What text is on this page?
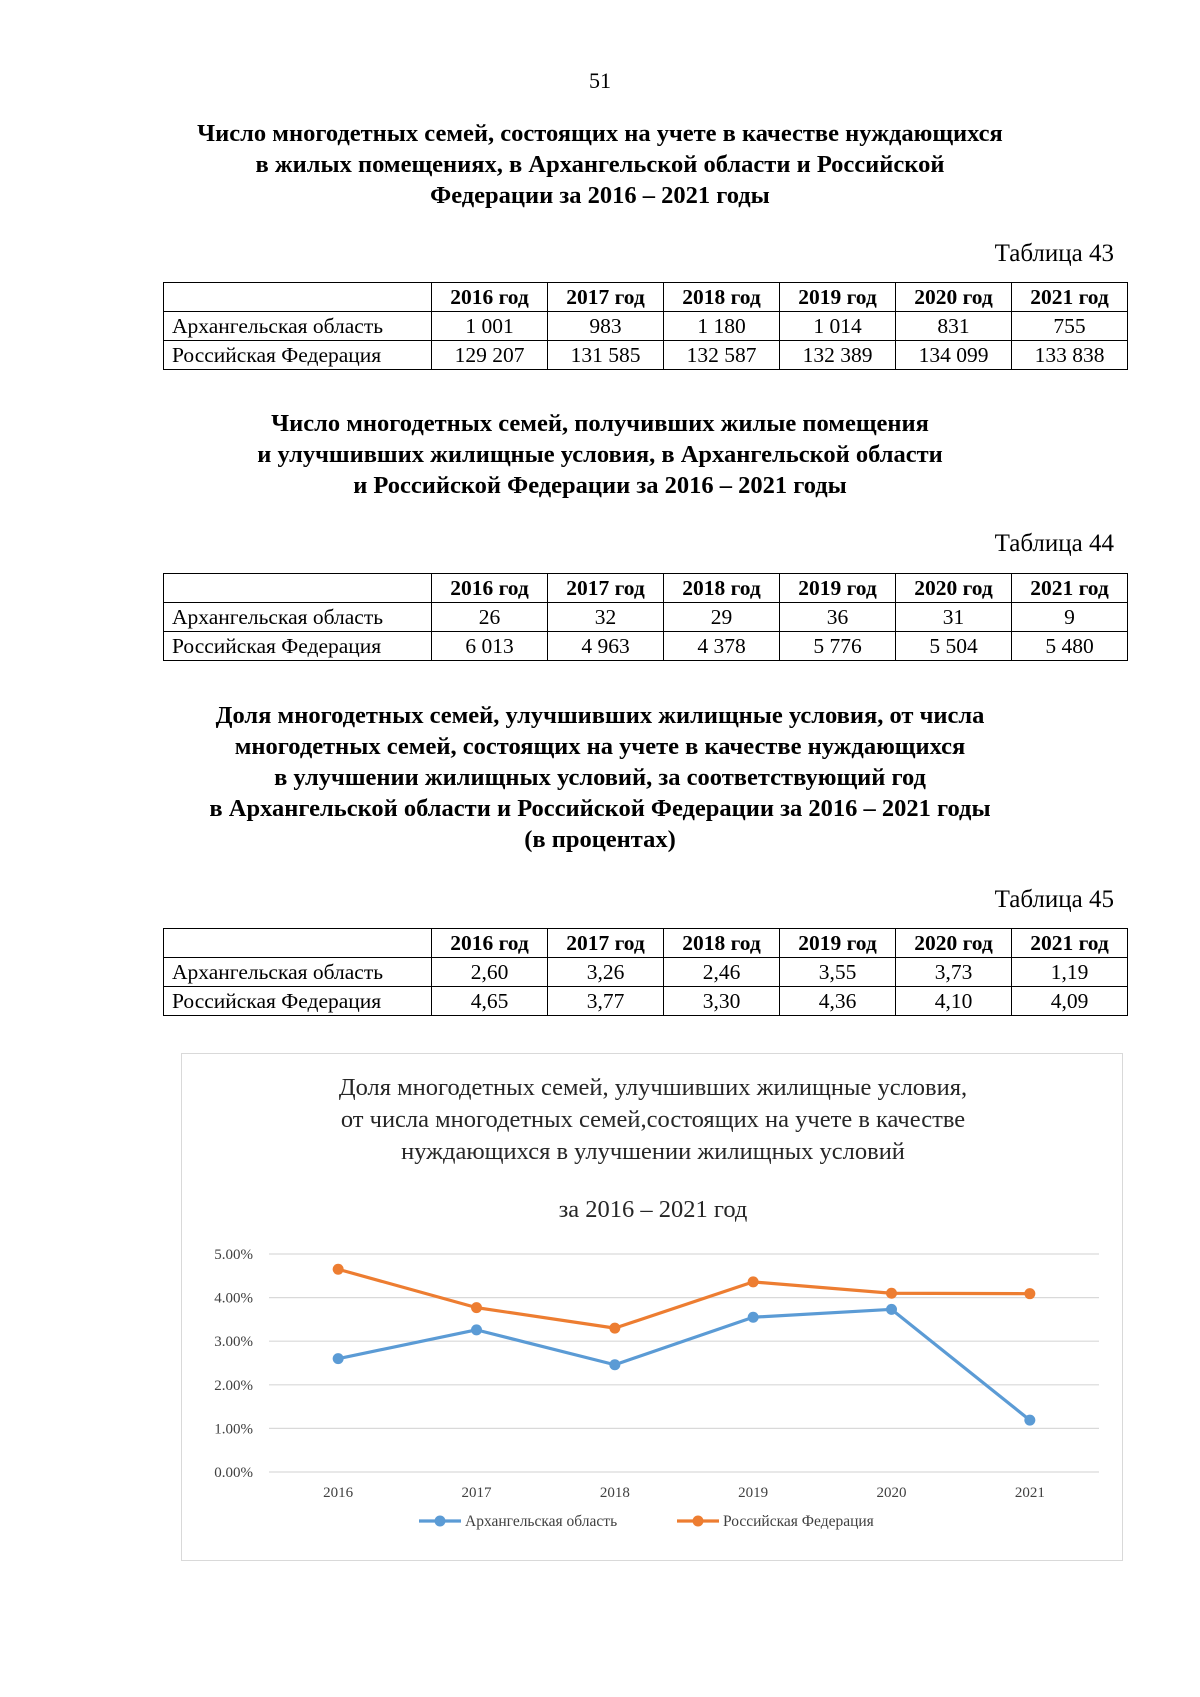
51
Число многодетных семей, состоящих на учете в качестве нуждающихся
в жилых помещениях, в Архангельской области и Российской
Федерации за 2016 – 2021 годы
Таблица 43
	2016 год	2017 год	2018 год	2019 год	2020 год	2021 год
Архангельская область	1 001	983	1 180	1 014	831	755
Российская Федерация	129 207	131 585	132 587	132 389	134 099	133 838
Число многодетных семей, получивших жилые помещения
и улучшивших жилищные условия, в Архангельской области
и Российской Федерации за 2016 – 2021 годы
Таблица 44
	2016 год	2017 год	2018 год	2019 год	2020 год	2021 год
Архангельская область	26	32	29	36	31	9
Российская Федерация	6 013	4 963	4 378	5 776	5 504	5 480
Доля многодетных семей, улучшивших жилищные условия, от числа
многодетных семей, состоящих на учете в качестве нуждающихся
в улучшении жилищных условий, за соответствующий год
в Архангельской области и Российской Федерации за 2016 – 2021 годы
(в процентах)
Таблица 45
	2016 год	2017 год	2018 год	2019 год	2020 год	2021 год
Архангельская область	2,60	3,26	2,46	3,55	3,73	1,19
Российская Федерация	4,65	3,77	3,30	4,36	4,10	4,09
Доля многодетных семей, улучшивших жилищные условия,
от числа многодетных семей,состоящих на учете в качестве
нуждающихся в улучшении жилищных условий
за 2016 – 2021 год
0.00%
1.00%
2.00%
3.00%
4.00%
5.00%
2016	2017	2018	2019	2020	2021
Архангельская область	Российская Федерация
